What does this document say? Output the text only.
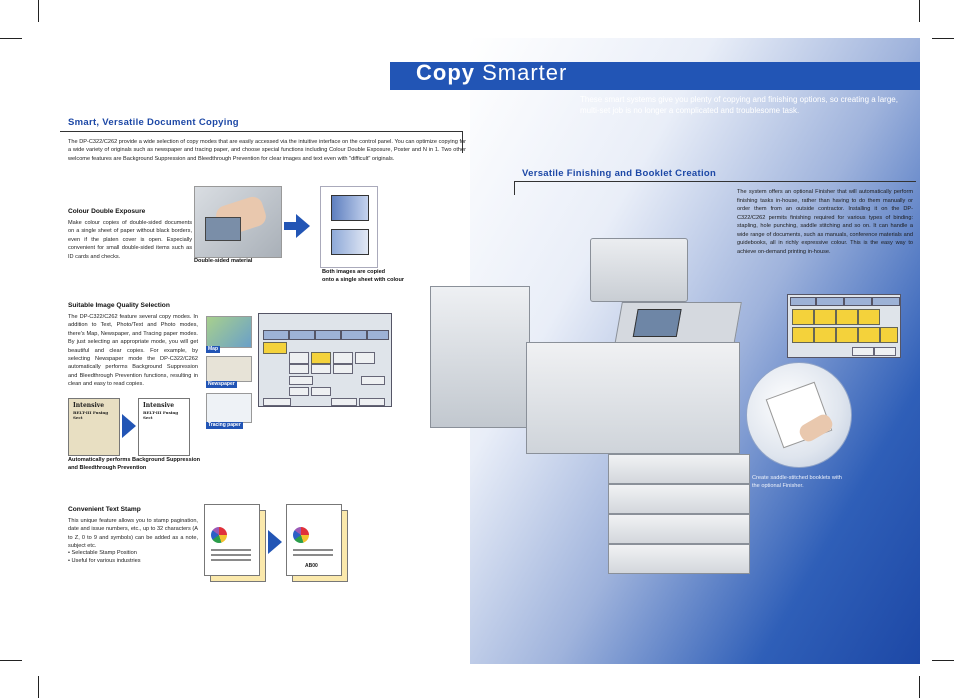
Copy Smarter
These smart systems give you plenty of copying and finishing options, so creating a large, multi-set job is no longer a complicated and troublesome task.
Smart, Versatile Document Copying
The DP-C322/C262 provide a wide selection of copy modes that are easily accessed via the intuitive interface on the control panel. You can optimize copying for a wide variety of originals such as newspaper and tracing paper, and choose special functions including Colour Double Exposure, Poster and N in 1. Two other welcome features are Background Suppression and Bleedthrough Prevention for clear images and text even with "difficult" originals.
Colour Double Exposure
Make colour copies of double-sided documents on a single sheet of paper without black borders, even if the platen cover is open. Especially convenient for small double-sided items such as ID cards and checks.
Double-sided material
Both images are copied
onto a single sheet with colour
Suitable Image Quality Selection
The DP-C322/C262 feature several copy modes. In addition to Text, Photo/Text and Photo modes, there's Map, Newspaper, and Tracing paper modes. By just selecting an appropriate mode, you will get beautiful and clear copies. For example, by selecting Newspaper mode the DP-C322/C262 automatically performs Background Suppression and Bleedthrough Prevention functions, resulting in clean and easy to read copies.
Map
Newspaper
Tracing paper
Intensive
BELT-III Fusing Sect
Intensive
BELT-III Fusing Sect
Automatically performs Background Suppression
and Bleedthrough Prevention
Convenient Text Stamp
This unique feature allows you to stamp pagination, date and issue numbers, etc., up to 32 characters (A to Z, 0 to 9 and symbols) can be added as a note, subject etc.
• Selectable Stamp Position
• Useful for various industries
AB00
Versatile Finishing and Booklet Creation
The system offers an optional Finisher that will automatically perform finishing tasks in-house, rather than having to do them manually or order them from an outside contractor. Installing it on the DP-C322/C262 permits finishing required for various types of binding: stapling, hole punching, saddle stitching and so on. It can handle a wide range of documents, such as manuals, conference materials and guidebooks, all in richly expressive colour. This is the easy way to achieve on-demand printing in-house.
Create saddle-stitched booklets with
the optional Finisher.
